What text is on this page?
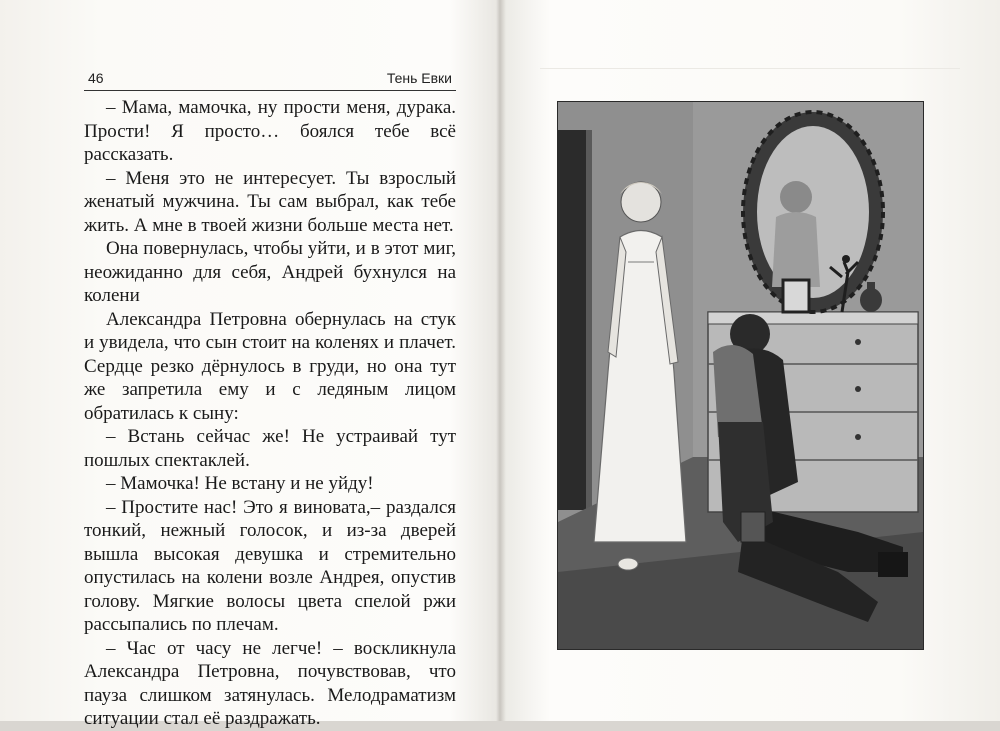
46	Тень Евки

– Мама, мамочка, ну прости меня, дурака. Прости! Я просто… боялся тебе всё рассказать.

– Меня это не интересует. Ты взрослый женатый мужчина. Ты сам выбрал, как тебе жить. А мне в твоей жизни больше места нет.

Она повернулась, чтобы уйти, и в этот миг, неожиданно для себя, Андрей бухнулся на колени

Александра Петровна обернулась на стук и увидела, что сын стоит на коленях и плачет. Сердце резко дёрнулось в груди, но она тут же запретила ему и с ледяным лицом обратилась к сыну:

– Встань сейчас же! Не устраивай тут пошлых спектаклей.

– Мамочка! Не встану и не уйду!

– Простите нас! Это я виновата,– раздался тонкий, нежный голосок, и из-за дверей вышла высокая девушка и стремительно опустилась на колени возле Андрея, опустив голову. Мягкие волосы цвета спелой ржи рассыпались по плечам.

– Час от часу не легче! – воскликнула Александра Петровна, почувствовав, что пауза слишком затянулась. Мелодраматизм ситуации стал её раздражать.
